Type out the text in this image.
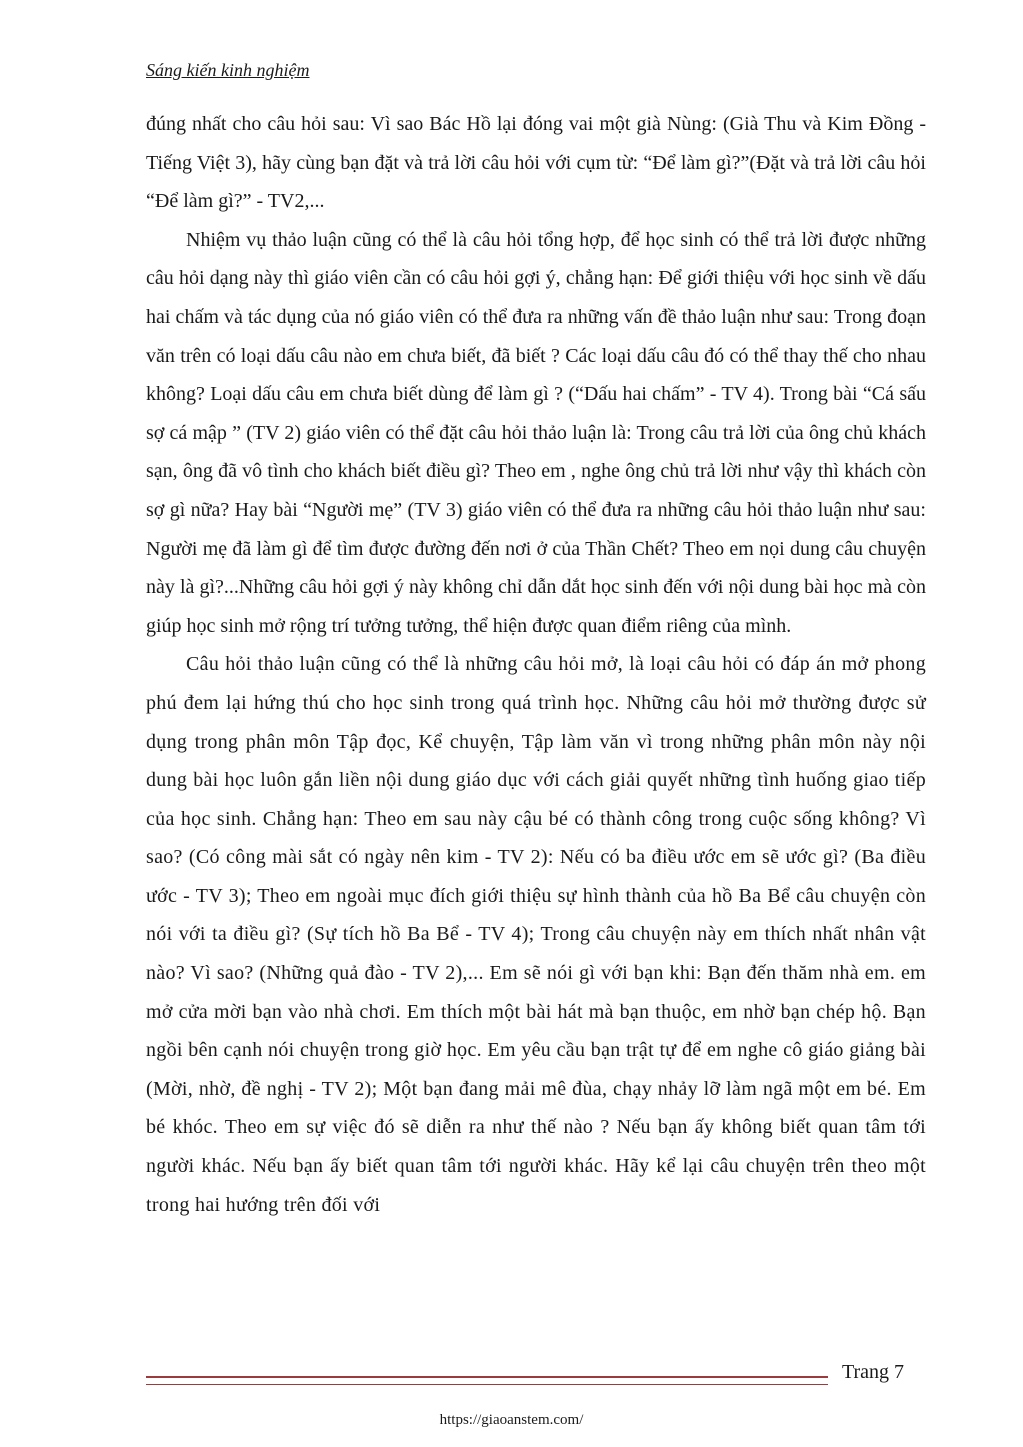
Sáng kiến kinh nghiệm

đúng nhất cho câu hỏi sau: Vì sao Bác Hồ lại đóng vai một già Nùng: (Già Thu và Kim Đồng - Tiếng Việt 3), hãy cùng bạn đặt và trả lời câu hỏi với cụm từ: “Để làm gì?”(Đặt và trả lời câu hỏi “Để làm gì?” - TV2,...

Nhiệm vụ thảo luận cũng có thể là câu hỏi tổng hợp, để học sinh có thể trả lời được những câu hỏi dạng này thì giáo viên cần có câu hỏi gợi ý, chẳng hạn: Để giới thiệu với học sinh về dấu hai chấm và tác dụng của nó giáo viên có thể đưa ra những vấn đề thảo luận như sau: Trong đoạn văn trên có loại dấu câu nào em chưa biết, đã biết ? Các loại dấu câu đó có thể thay thế cho nhau không? Loại dấu câu em chưa biết dùng để làm gì ? (“Dấu hai chấm” - TV 4). Trong bài “Cá sấu sợ cá mập ” (TV 2) giáo viên có thể đặt câu hỏi thảo luận là: Trong câu trả lời của ông chủ khách sạn, ông đã vô tình cho khách biết điều gì? Theo em , nghe ông chủ trả lời như vậy thì khách còn sợ gì nữa? Hay bài “Người mẹ” (TV 3) giáo viên có thể đưa ra những câu hỏi thảo luận như sau: Người mẹ đã làm gì để tìm được đường đến nơi ở của Thần Chết? Theo em nọi dung câu chuyện này là gì?...Những câu hỏi gợi ý này không chỉ dẫn dắt học sinh đến với nội dung bài học mà còn giúp học sinh mở rộng trí tưởng tưởng, thể hiện được quan điểm riêng của mình.

Câu hỏi thảo luận cũng có thể là những câu hỏi mở, là loại câu hỏi có đáp án mở phong phú đem lại hứng thú cho học sinh trong quá trình học. Những câu hỏi mở thường được sử dụng trong phân môn Tập đọc, Kể chuyện, Tập làm văn vì trong những phân môn này nội dung bài học luôn gắn liền nội dung giáo dục với cách giải quyết những tình huống giao tiếp của học sinh. Chẳng hạn: Theo em sau này cậu bé có thành công trong cuộc sống không? Vì sao? (Có công mài sắt có ngày nên kim - TV 2): Nếu có ba điều ước em sẽ ước gì? (Ba điều ước - TV 3); Theo em ngoài mục đích giới thiệu sự hình thành của hồ Ba Bể câu chuyện còn nói với ta điều gì? (Sự tích hồ Ba Bể - TV 4); Trong câu chuyện này em thích nhất nhân vật nào? Vì sao? (Những quả đào - TV 2),... Em sẽ nói gì với bạn khi: Bạn đến thăm nhà em. em mở cửa mời bạn vào nhà chơi. Em thích một bài hát mà bạn thuộc, em nhờ bạn chép hộ. Bạn ngồi bên cạnh nói chuyện trong giờ học. Em yêu cầu bạn trật tự để em nghe cô giáo giảng bài (Mời, nhờ, đề nghị - TV 2); Một bạn đang mải mê đùa, chạy nhảy lỡ làm ngã một em bé. Em bé khóc. Theo em sự việc đó sẽ diễn ra như thế nào ? Nếu bạn ấy không biết quan tâm tới người khác. Nếu bạn ấy biết quan tâm tới người khác. Hãy kể lại câu chuyện trên theo một trong hai hướng trên đối với

Trang 7
https://giaoanstem.com/
